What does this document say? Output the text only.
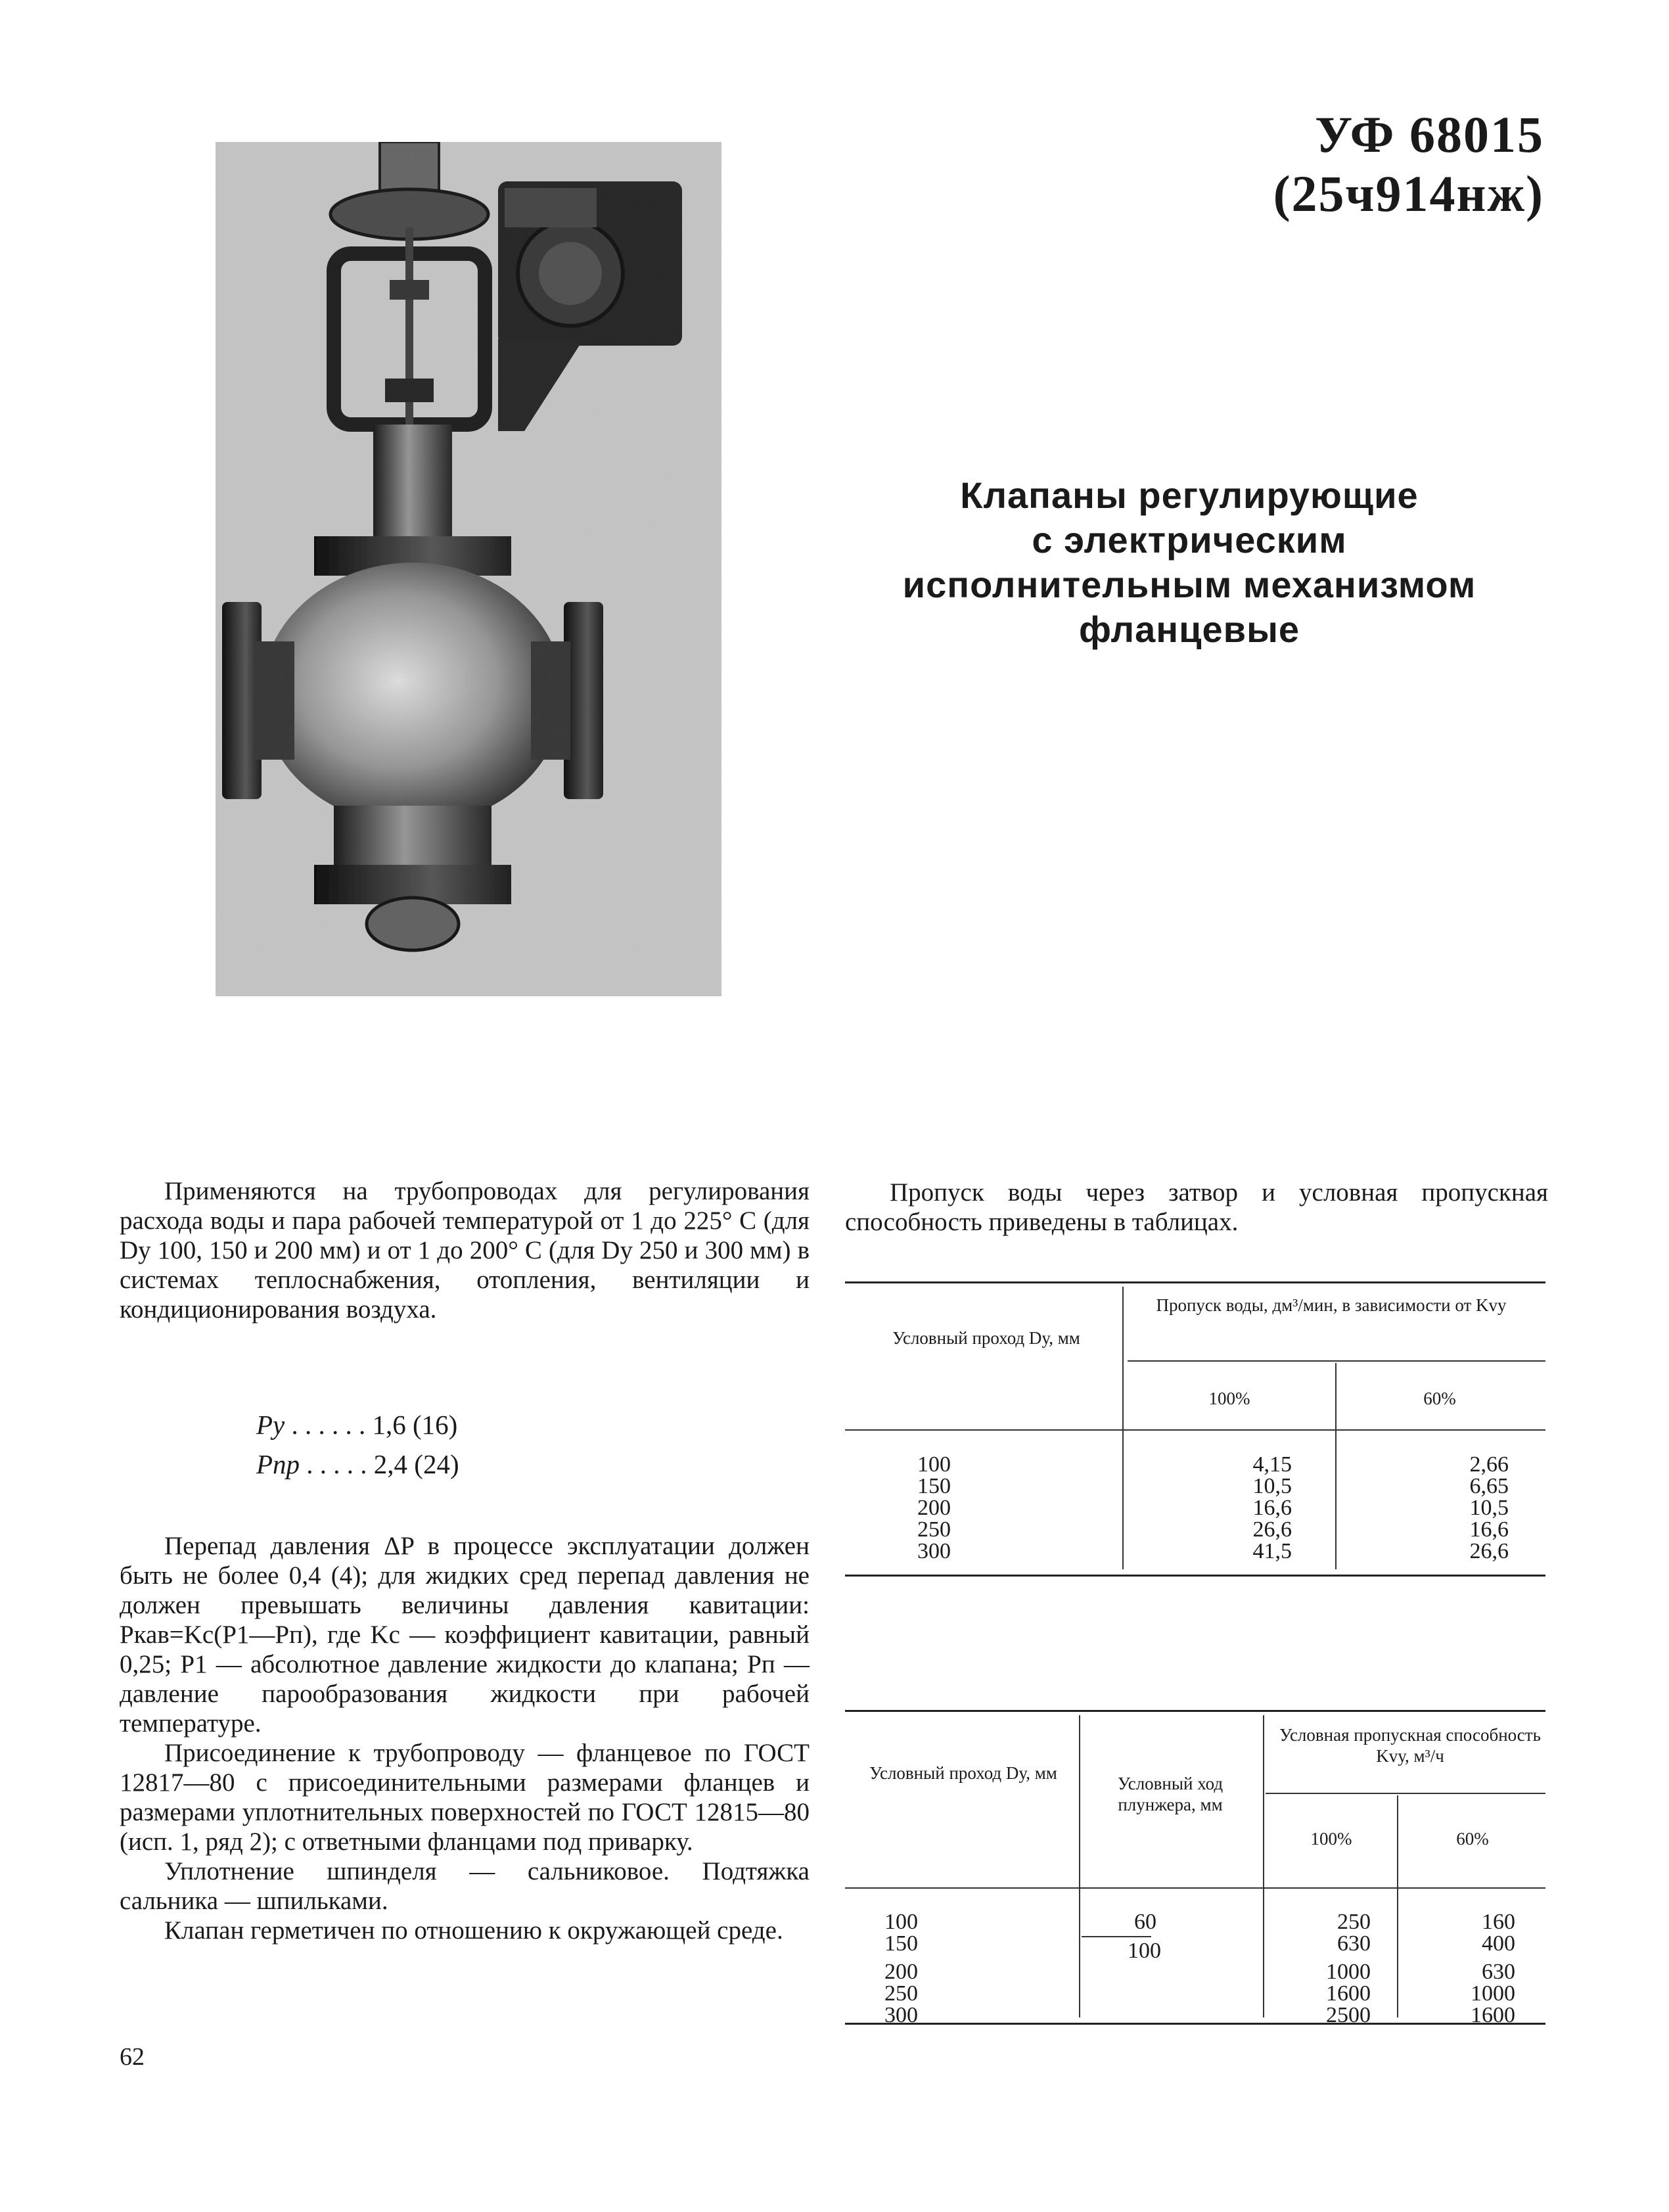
УФ 68015
(25ч914нж)
Клапаны регулирующие
с электрическим
исполнительным механизмом
фланцевые

Применяются на трубопроводах для регулирования расхода воды и пара рабочей температурой от 1 до 225° С (для Dу 100, 150 и 200 мм) и от 1 до 200° С (для Dу 250 и 300 мм) в системах теплоснабжения, отопления, вентиляции и кондиционирования воздуха.

Pу . . . . . . 1,6 (16)
Pпр . . . . . 2,4 (24)

Перепад давления ΔP в процессе эксплуатации должен быть не более 0,4 (4); для жидких сред перепад давления не должен превышать величины давления кавитации: Pкав=Kс(P1—Pп), где Kс — коэффициент кавитации, равный 0,25; P1 — абсолютное давление жидкости до клапана; Pп — давление парообразования жидкости при рабочей температуре.

Присоединение к трубопроводу — фланцевое по ГОСТ 12817—80 с присоединительными размерами фланцев и размерами уплотнительных поверхностей по ГОСТ 12815—80 (исп. 1, ряд 2); с ответными фланцами под приварку.

Уплотнение шпинделя — сальниковое. Подтяжка сальника — шпильками.

Клапан герметичен по отношению к окружающей среде.

62

Пропуск воды через затвор и условная пропускная способность приведены в таблицах.

Условный проход Dу, мм
Пропуск воды, дм³/мин, в зависимости от Kvу
100%	60%
100
150
200
250
300
4,15
10,5
16,6
26,6
41,5
2,66
6,65
10,5
16,6
26,6
Условный проход Dу, мм
Условный ход плунжера, мм
Условная пропускная способность Kvу, м³/ч
100%	60%
100
150
200
250
300
60
100
250
630
1000
1600
2500
160
400
630
1000
1600
